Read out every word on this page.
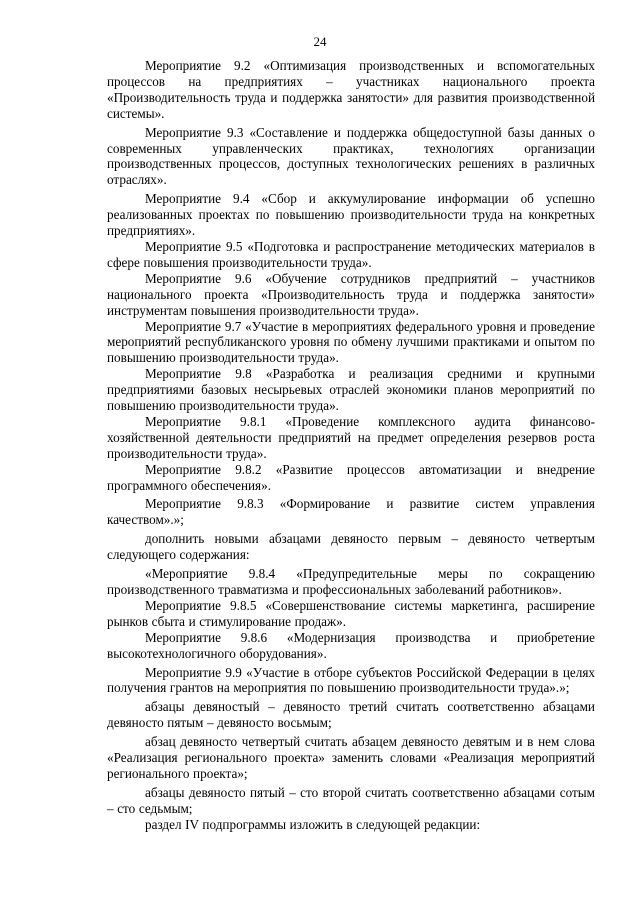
24

Мероприятие 9.2 «Оптимизация производственных и вспомогательных процессов на предприятиях – участниках национального проекта «Производительность труда и поддержка занятости» для развития производственной системы».

Мероприятие 9.3 «Составление и поддержка общедоступной базы данных о современных управленческих практиках, технологиях организации производственных процессов, доступных технологических решениях в различных отраслях».

Мероприятие 9.4 «Сбор и аккумулирование информации об успешно реализованных проектах по повышению производительности труда на конкретных предприятиях».

Мероприятие 9.5 «Подготовка и распространение методических материалов в сфере повышения производительности труда».

Мероприятие 9.6 «Обучение сотрудников предприятий – участников национального проекта «Производительность труда и поддержка занятости» инструментам повышения производительности труда».

Мероприятие 9.7 «Участие в мероприятиях федерального уровня и проведение мероприятий республиканского уровня по обмену лучшими практиками и опытом по повышению производительности труда».

Мероприятие 9.8 «Разработка и реализация средними и крупными предприятиями базовых несырьевых отраслей экономики планов мероприятий по повышению производительности труда».

Мероприятие 9.8.1 «Проведение комплексного аудита финансово-хозяйственной деятельности предприятий на предмет определения резервов роста производительности труда».

Мероприятие 9.8.2 «Развитие процессов автоматизации и внедрение программного обеспечения».

Мероприятие 9.8.3 «Формирование и развитие систем управления качеством».»;

дополнить новыми абзацами девяносто первым – девяносто четвертым следующего содержания:

«Мероприятие 9.8.4 «Предупредительные меры по сокращению производственного травматизма и профессиональных заболеваний работников».

Мероприятие 9.8.5 «Совершенствование системы маркетинга, расширение рынков сбыта и стимулирование продаж».

Мероприятие 9.8.6 «Модернизация производства и приобретение высокотехнологичного оборудования».

Мероприятие 9.9 «Участие в отборе субъектов Российской Федерации в целях получения грантов на мероприятия по повышению производительности труда».»;

абзацы девяностый – девяносто третий считать соответственно абзацами девяносто пятым – девяносто восьмым;

абзац девяносто четвертый считать абзацем девяносто девятым и в нем слова «Реализация регионального проекта» заменить словами «Реализация мероприятий регионального проекта»;

абзацы девяносто пятый – сто второй считать соответственно абзацами сотым – сто седьмым;

раздел IV подпрограммы изложить в следующей редакции:
